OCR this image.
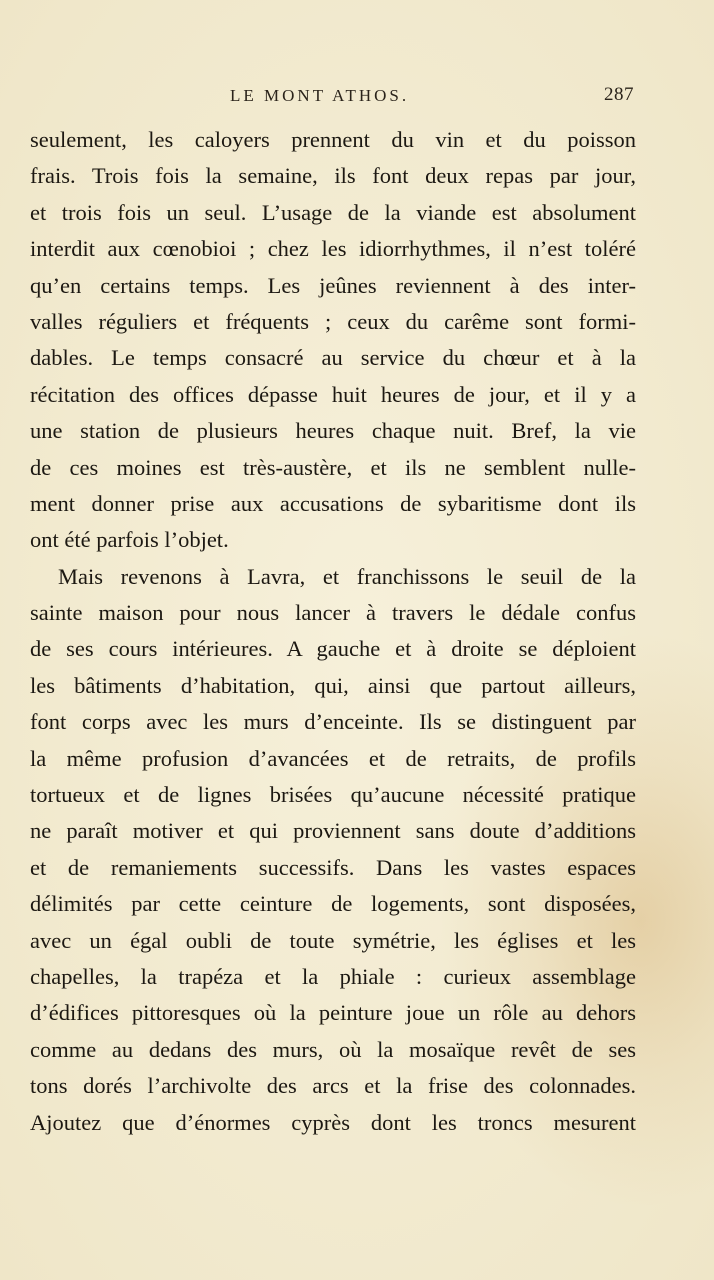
LE MONT ATHOS.	287
seulement, les caloyers prennent du vin et du poisson
frais. Trois fois la semaine, ils font deux repas par jour,
et trois fois un seul. L’usage de la viande est absolument
interdit aux cœnobioi ; chez les idiorrhythmes, il n’est toléré
qu’en certains temps. Les jeûnes reviennent à des inter-
valles réguliers et fréquents ; ceux du carême sont formi-
dables. Le temps consacré au service du chœur et à la
récitation des offices dépasse huit heures de jour, et il y a
une station de plusieurs heures chaque nuit. Bref, la vie
de ces moines est très-austère, et ils ne semblent nulle-
ment donner prise aux accusations de sybaritisme dont ils
ont été parfois l’objet.
Mais revenons à Lavra, et franchissons le seuil de la
sainte maison pour nous lancer à travers le dédale confus
de ses cours intérieures. A gauche et à droite se déploient
les bâtiments d’habitation, qui, ainsi que partout ailleurs,
font corps avec les murs d’enceinte. Ils se distinguent par
la même profusion d’avancées et de retraits, de profils
tortueux et de lignes brisées qu’aucune nécessité pratique
ne paraît motiver et qui proviennent sans doute d’additions
et de remaniements successifs. Dans les vastes espaces
délimités par cette ceinture de logements, sont disposées,
avec un égal oubli de toute symétrie, les églises et les
chapelles, la trapéza et la phiale : curieux assemblage
d’édifices pittoresques où la peinture joue un rôle au dehors
comme au dedans des murs, où la mosaïque revêt de ses
tons dorés l’archivolte des arcs et la frise des colonnades.
Ajoutez que d’énormes cyprès dont les troncs mesurent
